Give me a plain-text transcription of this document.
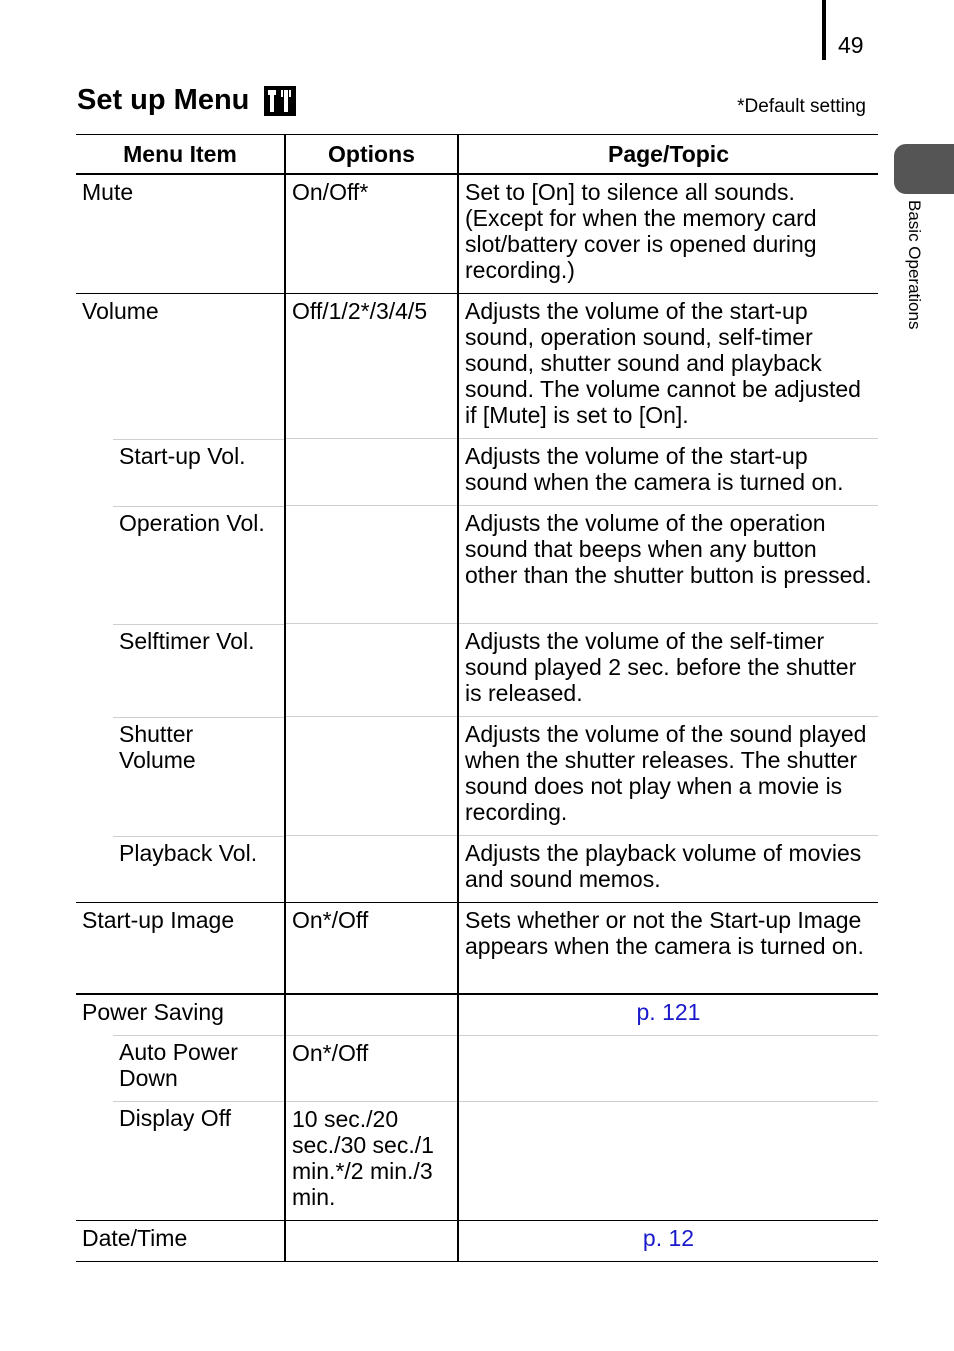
49
Set up Menu	*Default setting
Basic Operations
Menu Item	Options	Page/Topic
Mute	On/Off*	Set to [On] to silence all sounds. (Except for when the memory card slot/battery cover is opened during recording.)
Volume	Off/1/2*/3/4/5	Adjusts the volume of the start-up sound, operation sound, self-timer sound, shutter sound and playback sound. The volume cannot be adjusted if [Mute] is set to [On].
Start-up Vol.		Adjusts the volume of the start-up sound when the camera is turned on.
Operation Vol.		Adjusts the volume of the operation sound that beeps when any button other than the shutter button is pressed.
Selftimer Vol.		Adjusts the volume of the self-timer sound played 2 sec. before the shutter is released.
Shutter Volume		Adjusts the volume of the sound played when the shutter releases. The shutter sound does not play when a movie is recording.
Playback Vol.		Adjusts the playback volume of movies and sound memos.
Start-up Image	On*/Off	Sets whether or not the Start-up Image appears when the camera is turned on.
Power Saving		p. 121
Auto Power Down	On*/Off	
Display Off	10 sec./20 sec./30 sec./1 min.*/2 min./3 min.	
Date/Time		p. 12
